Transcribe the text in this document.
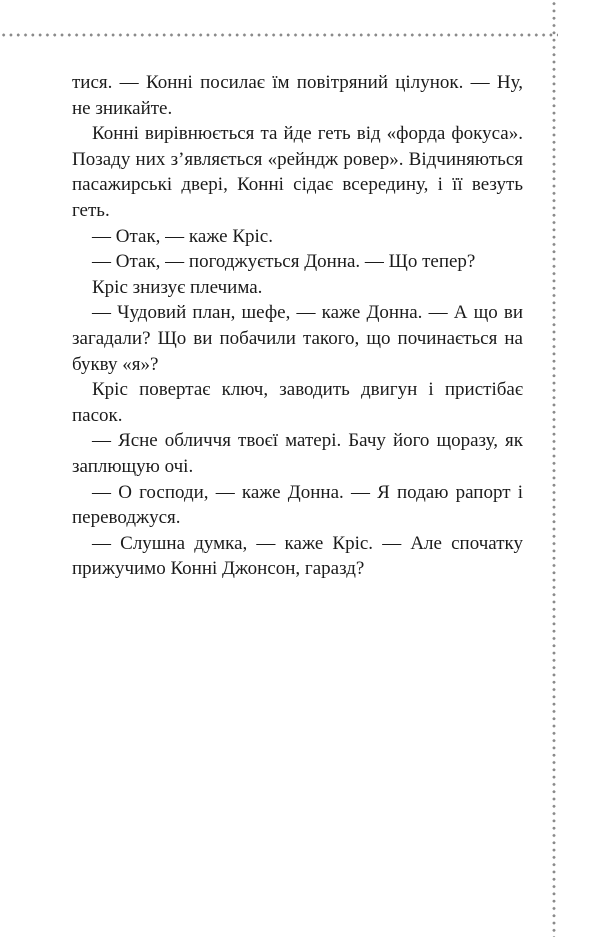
тися. — Конні посилає їм повітряний цілунок. — Ну, не зникайте.

Конні вирівнюється та йде геть від «форда фокуса». Позаду них з’являється «рейндж ровер». Відчиняються пасажирські двері, Конні сідає всередину, і її везуть геть.

— Отак, — каже Кріс.

— Отак, — погоджується Донна. — Що тепер?

Кріс знизує плечима.

— Чудовий план, шефе, — каже Донна. — А що ви загадали? Що ви побачили такого, що починається на букву «я»?

Кріс повертає ключ, заводить двигун і пристібає пасок.

— Ясне обличчя твоєї матері. Бачу його щоразу, як заплющую очі.

— О господи, — каже Донна. — Я подаю рапорт і переводжуся.

— Слушна думка, — каже Кріс. — Але спочатку прижучимо Конні Джонсон, гаразд?
